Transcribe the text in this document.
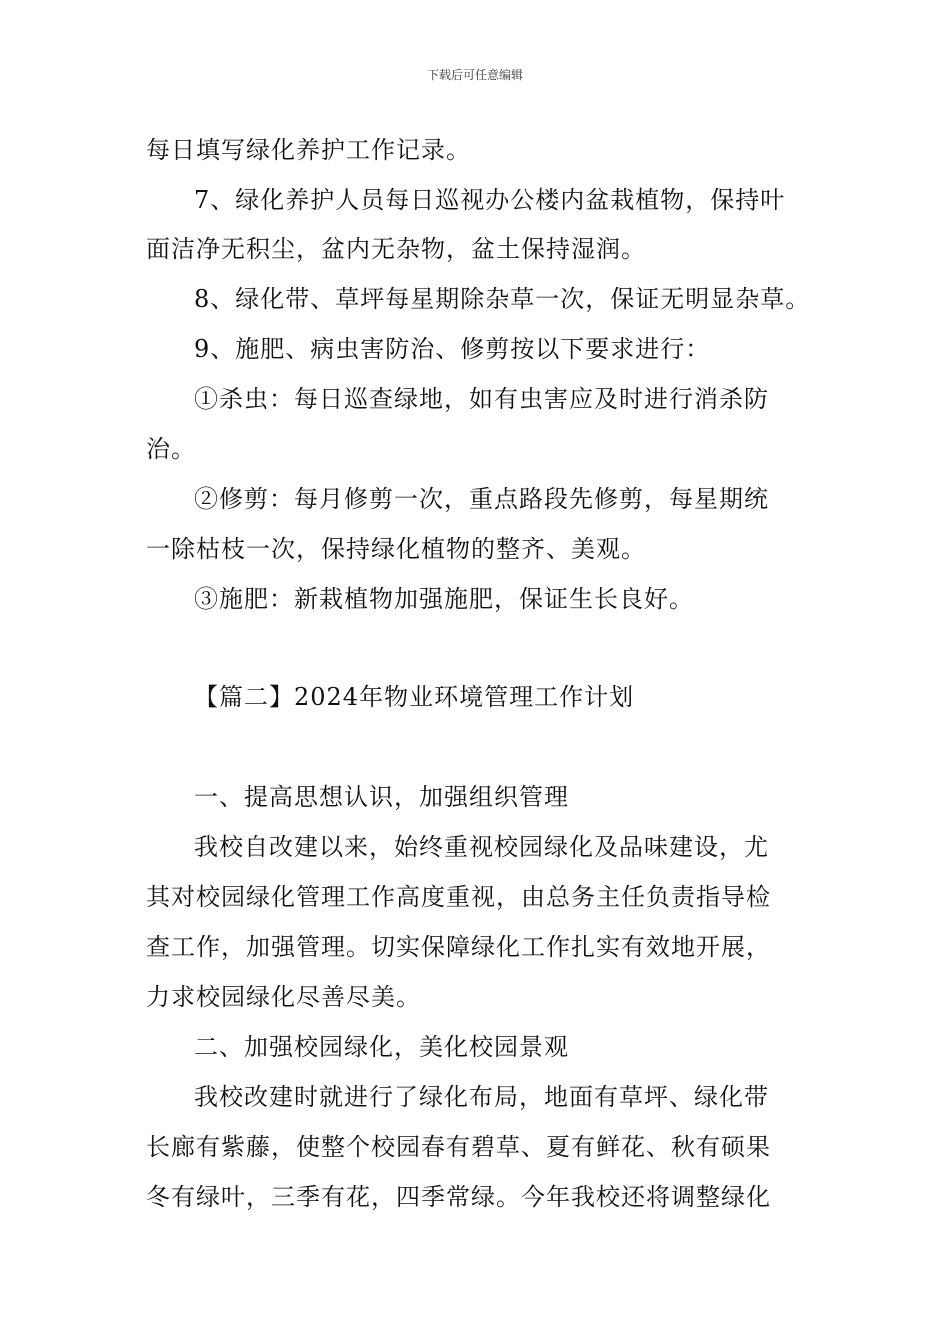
下载后可任意编辑
每日填写绿化养护工作记录。
7、绿化养护人员每日巡视办公楼内盆栽植物，保持叶
面洁净无积尘，盆内无杂物，盆土保持湿润。
8、绿化带、草坪每星期除杂草一次，保证无明显杂草。
9、施肥、病虫害防治、修剪按以下要求进行：
①杀虫：每日巡查绿地，如有虫害应及时进行消杀防
治。
②修剪：每月修剪一次，重点路段先修剪，每星期统
一除枯枝一次，保持绿化植物的整齐、美观。
③施肥：新栽植物加强施肥，保证生长良好。
【篇二】2024年物业环境管理工作计划
一、提高思想认识，加强组织管理
我校自改建以来，始终重视校园绿化及品味建设，尤
其对校园绿化管理工作高度重视，由总务主任负责指导检
查工作，加强管理。切实保障绿化工作扎实有效地开展，
力求校园绿化尽善尽美。
二、加强校园绿化，美化校园景观
我校改建时就进行了绿化布局，地面有草坪、绿化带
长廊有紫藤，使整个校园春有碧草、夏有鲜花、秋有硕果
冬有绿叶，三季有花，四季常绿。今年我校还将调整绿化
